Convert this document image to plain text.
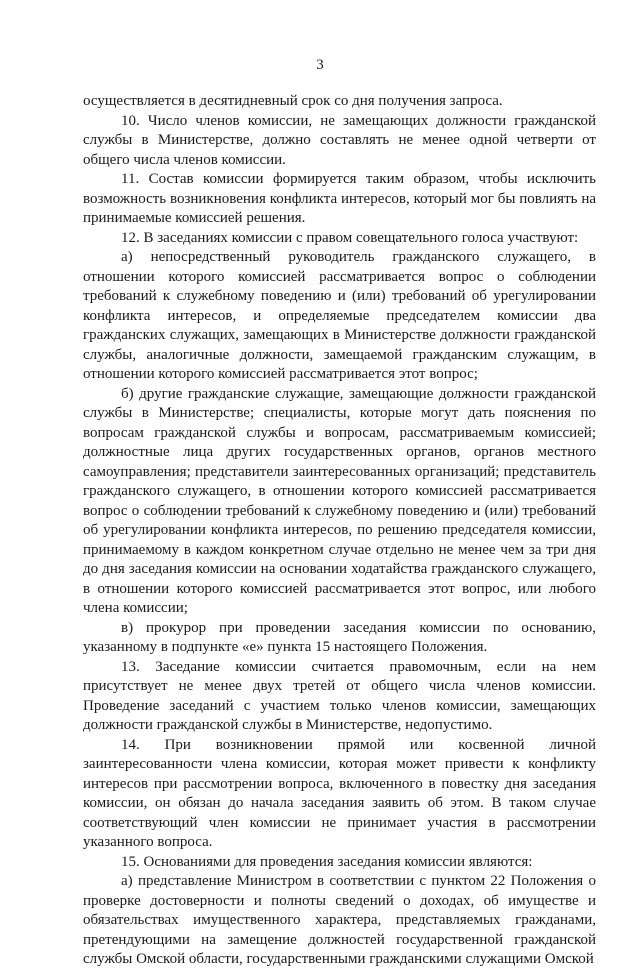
3

осуществляется в десятидневный срок со дня получения запроса.

10. Число членов комиссии, не замещающих должности гражданской службы в Министерстве, должно составлять не менее одной четверти от общего числа членов комиссии.

11. Состав комиссии формируется таким образом, чтобы исключить возможность возникновения конфликта интересов, который мог бы повлиять на принимаемые комиссией решения.

12. В заседаниях комиссии с правом совещательного голоса участвуют:

а) непосредственный руководитель гражданского служащего, в отношении которого комиссией рассматривается вопрос о соблюдении требований к служебному поведению и (или) требований об урегулировании конфликта интересов, и определяемые председателем комиссии два гражданских служащих, замещающих в Министерстве должности гражданской службы, аналогичные должности, замещаемой гражданским служащим, в отношении которого комиссией рассматривается этот вопрос;

б) другие гражданские служащие, замещающие должности гражданской службы в Министерстве; специалисты, которые могут дать пояснения по вопросам гражданской службы и вопросам, рассматриваемым комиссией; должностные лица других государственных органов, органов местного самоуправления; представители заинтересованных организаций; представитель гражданского служащего, в отношении которого комиссией рассматривается вопрос о соблюдении требований к служебному поведению и (или) требований об урегулировании конфликта интересов, по решению председателя комиссии, принимаемому в каждом конкретном случае отдельно не менее чем за три дня до дня заседания комиссии на основании ходатайства гражданского служащего, в отношении которого комиссией рассматривается этот вопрос, или любого члена комиссии;

в) прокурор при проведении заседания комиссии по основанию, указанному в подпункте «е» пункта 15 настоящего Положения.

13. Заседание комиссии считается правомочным, если на нем присутствует не менее двух третей от общего числа членов комиссии. Проведение заседаний с участием только членов комиссии, замещающих должности гражданской службы в Министерстве, недопустимо.

14. При возникновении прямой или косвенной личной заинтересованности члена комиссии, которая может привести к конфликту интересов при рассмотрении вопроса, включенного в повестку дня заседания комиссии, он обязан до начала заседания заявить об этом. В таком случае соответствующий член комиссии не принимает участия в рассмотрении указанного вопроса.

15. Основаниями для проведения заседания комиссии являются:

а) представление Министром в соответствии с пунктом 22 Положения о проверке достоверности и полноты сведений о доходах, об имуществе и обязательствах имущественного характера, представляемых гражданами, претендующими на замещение должностей государственной гражданской службы Омской области, государственными гражданскими служащими Омской
